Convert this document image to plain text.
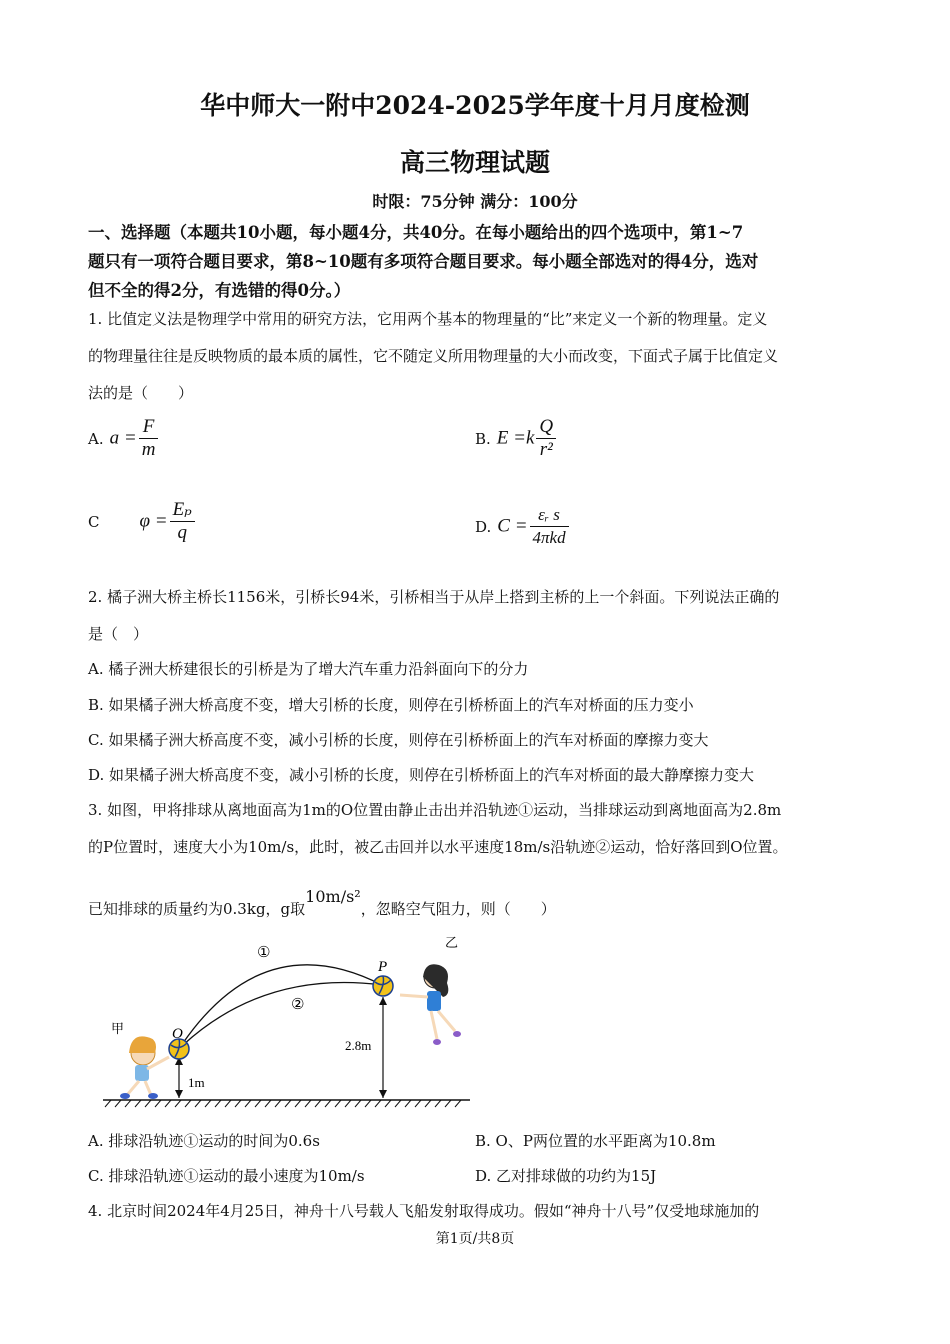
华中师大一附中2024-2025学年度十月月度检测
高三物理试题
时限：75分钟 满分：100分
一、选择题（本题共10小题，每小题4分，共40分。在每小题给出的四个选项中，第1~7
题只有一项符合题目要求，第8~10题有多项符合题目要求。每小题全部选对的得4分，选对
但不全的得2分，有选错的得0分。）
1. 比值定义法是物理学中常用的研究方法，它用两个基本的物理量的“比”来定义一个新的物理量。定义
的物理量往往是反映物质的最本质的属性，它不随定义所用物理量的大小而改变，下面式子属于比值定义
法的是（　　）
A. $a = \frac{F}{m}$	B. $E =k \frac{Q}{\text{r²}}$
C $\varphi = \frac{\text{Eₚ}}{q}$	D. $C = \frac{\text{εᵣ s}}{\text{4πkd}}$
2. 橘子洲大桥主桥长1156米，引桥长94米，引桥相当于从岸上搭到主桥的上一个斜面。下列说法正确的
是（　）
A. 橘子洲大桥建很长的引桥是为了增大汽车重力沿斜面向下的分力
B. 如果橘子洲大桥高度不变，增大引桥的长度，则停在引桥桥面上的汽车对桥面的压力变小
C. 如果橘子洲大桥高度不变，减小引桥的长度，则停在引桥桥面上的汽车对桥面的摩擦力变大
D. 如果橘子洲大桥高度不变，减小引桥的长度，则停在引桥桥面上的汽车对桥面的最大静摩擦力变大
3. 如图，甲将排球从离地面高为1m的O位置由静止击出并沿轨迹①运动，当排球运动到离地面高为2.8m
的P位置时，速度大小为10m/s，此时，被乙击回并以水平速度18m/s沿轨迹②运动，恰好落回到O位置。
已知排球的质量约为0.3kg，g取10m/s²，忽略空气阻力，则（　　）
①
②
O
P
甲
乙
1m
2.8m
A. 排球沿轨迹①运动的时间为0.6s	B. O、P两位置的水平距离为10.8m
C. 排球沿轨迹①运动的最小速度为10m/s	D. 乙对排球做的功约为15J
4. 北京时间2024年4月25日，神舟十八号载人飞船发射取得成功。假如“神舟十八号”仅受地球施加的
第1页/共8页
